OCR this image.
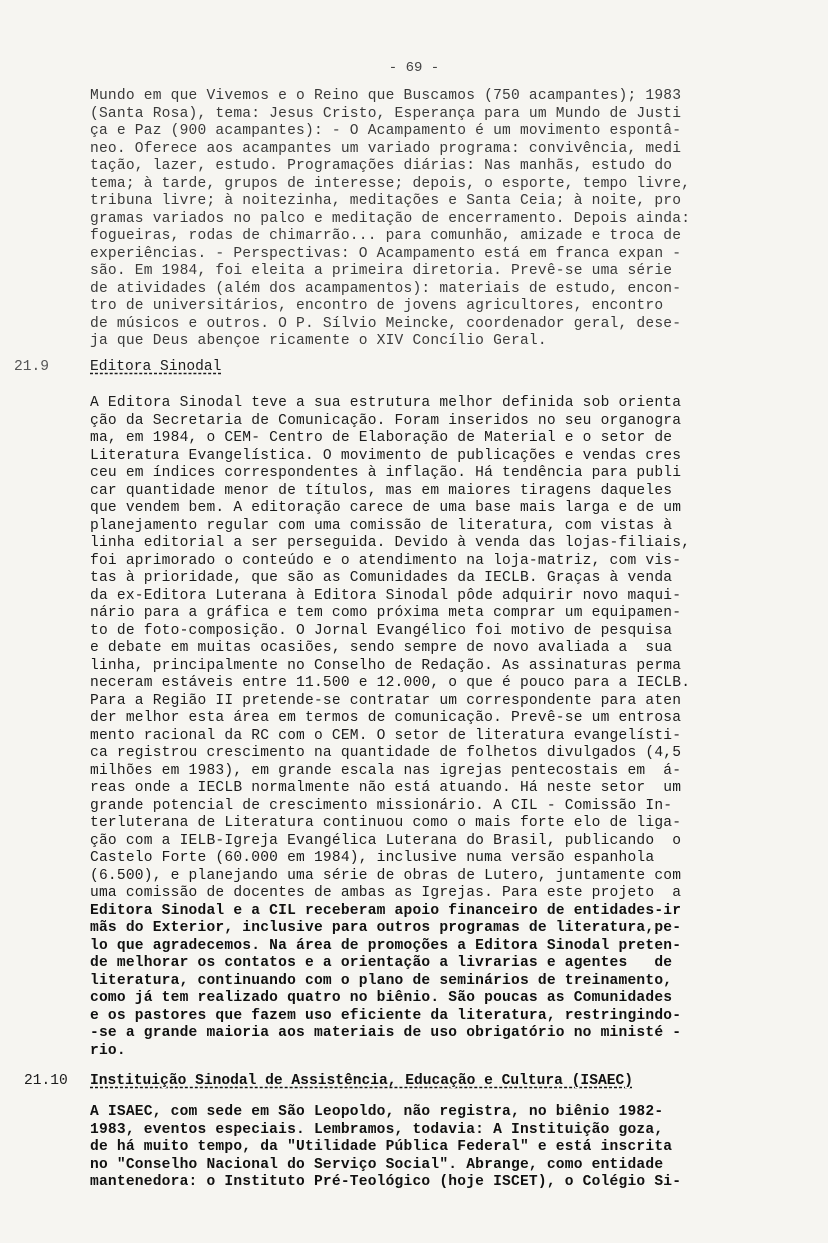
- 69 -
Mundo em que Vivemos e o Reino que Buscamos (750 acampantes); 1983
(Santa Rosa), tema: Jesus Cristo, Esperança para um Mundo de Justi
ça e Paz (900 acampantes): - O Acampamento é um movimento espontâ-
neo. Oferece aos acampantes um variado programa: convivência, medi
tação, lazer, estudo. Programações diárias: Nas manhãs, estudo do
tema; à tarde, grupos de interesse; depois, o esporte, tempo livre,
tribuna livre; à noitezinha, meditações e Santa Ceia; à noite, pro
gramas variados no palco e meditação de encerramento. Depois ainda:
fogueiras, rodas de chimarrão... para comunhão, amizade e troca de
experiências. - Perspectivas: O Acampamento está em franca expan -
são. Em 1984, foi eleita a primeira diretoria. Prevê-se uma série
de atividades (além dos acampamentos): materiais de estudo, encon-
tro de universitários, encontro de jovens agricultores, encontro
de músicos e outros. O P. Sílvio Meincke, coordenador geral, dese-
ja que Deus abençoe ricamente o XIV Concílio Geral.
21.9	Editora Sinodal
A Editora Sinodal teve a sua estrutura melhor definida sob orienta
ção da Secretaria de Comunicação. Foram inseridos no seu organogra
ma, em 1984, o CEM- Centro de Elaboração de Material e o setor de
Literatura Evangelística. O movimento de publicações e vendas cres
ceu em índices correspondentes à inflação. Há tendência para publi
car quantidade menor de títulos, mas em maiores tiragens daqueles
que vendem bem. A editoração carece de uma base mais larga e de um
planejamento regular com uma comissão de literatura, com vistas à
linha editorial a ser perseguida. Devido à venda das lojas-filiais,
foi aprimorado o conteúdo e o atendimento na loja-matriz, com vis-
tas à prioridade, que são as Comunidades da IECLB. Graças à venda
da ex-Editora Luterana à Editora Sinodal pôde adquirir novo maqui-
nário para a gráfica e tem como próxima meta comprar um equipamen-
to de foto-composição. O Jornal Evangélico foi motivo de pesquisa
e debate em muitas ocasiões, sendo sempre de novo avaliada a  sua
linha, principalmente no Conselho de Redação. As assinaturas perma
neceram estáveis entre 11.500 e 12.000, o que é pouco para a IECLB.
Para a Região II pretende-se contratar um correspondente para aten
der melhor esta área em termos de comunicação. Prevê-se um entrosa
mento racional da RC com o CEM. O setor de literatura evangelísti-
ca registrou crescimento na quantidade de folhetos divulgados (4,5
milhões em 1983), em grande escala nas igrejas pentecostais em  á-
reas onde a IECLB normalmente não está atuando. Há neste setor  um
grande potencial de crescimento missionário. A CIL - Comissão In-
terluterana de Literatura continuou como o mais forte elo de liga-
ção com a IELB-Igreja Evangélica Luterana do Brasil, publicando  o
Castelo Forte (60.000 em 1984), inclusive numa versão espanhola
(6.500), e planejando uma série de obras de Lutero, juntamente com
uma comissão de docentes de ambas as Igrejas. Para este projeto  a
Editora Sinodal e a CIL receberam apoio financeiro de entidades-ir
mãs do Exterior, inclusive para outros programas de literatura,pe-
lo que agradecemos. Na área de promoções a Editora Sinodal preten-
de melhorar os contatos e a orientação a livrarias e agentes   de
literatura, continuando com o plano de seminários de treinamento,
como já tem realizado quatro no biênio. São poucas as Comunidades
e os pastores que fazem uso eficiente da literatura, restringindo-
-se a grande maioria aos materiais de uso obrigatório no ministé -
rio.
21.10 Instituição Sinodal de Assistência, Educação e Cultura (ISAEC)
A ISAEC, com sede em São Leopoldo, não registra, no biênio 1982-
1983, eventos especiais. Lembramos, todavia: A Instituição goza,
de há muito tempo, da "Utilidade Pública Federal" e está inscrita
no "Conselho Nacional do Serviço Social". Abrange, como entidade
mantenedora: o Instituto Pré-Teológico (hoje ISCET), o Colégio Si-
